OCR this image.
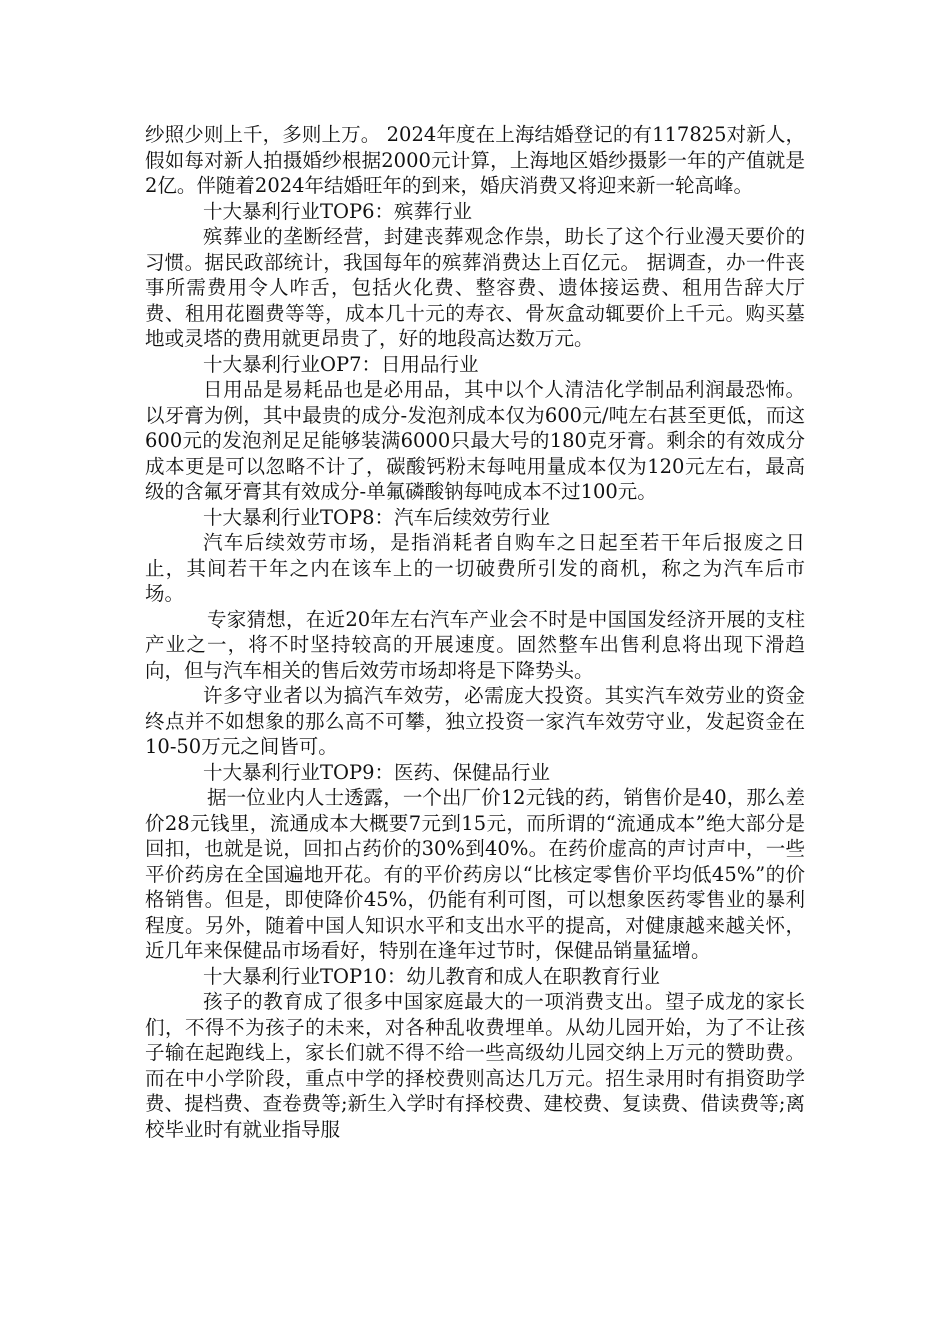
纱照少则上千，多则上万。 2024年度在上海结婚登记的有117825对新人，假如每对新人拍摄婚纱根据2000元计算，上海地区婚纱摄影一年的产值就是2亿。伴随着2024年结婚旺年的到来，婚庆消费又将迎来新一轮高峰。

十大暴利行业TOP6：殡葬行业

殡葬业的垄断经营，封建丧葬观念作祟，助长了这个行业漫天要价的习惯。据民政部统计，我国每年的殡葬消费达上百亿元。 据调查，办一件丧事所需费用令人咋舌，包括火化费、整容费、遗体接运费、租用告辞大厅费、租用花圈费等等，成本几十元的寿衣、骨灰盒动辄要价上千元。购买墓地或灵塔的费用就更昂贵了，好的地段高达数万元。

十大暴利行业OP7：日用品行业

日用品是易耗品也是必用品，其中以个人清洁化学制品利润最恐怖。以牙膏为例，其中最贵的成分-发泡剂成本仅为600元/吨左右甚至更低，而这600元的发泡剂足足能够装满6000只最大号的180克牙膏。剩余的有效成分成本更是可以忽略不计了，碳酸钙粉末每吨用量成本仅为120元左右，最高级的含氟牙膏其有效成分-单氟磷酸钠每吨成本不过100元。

十大暴利行业TOP8：汽车后续效劳行业

汽车后续效劳市场，是指消耗者自购车之日起至若干年后报废之日止，其间若干年之内在该车上的一切破费所引发的商机，称之为汽车后市场。

专家猜想，在近20年左右汽车产业会不时是中国国发经济开展的支柱产业之一，将不时坚持较高的开展速度。固然整车出售利息将出现下滑趋向，但与汽车相关的售后效劳市场却将是下降势头。

许多守业者以为搞汽车效劳，必需庞大投资。其实汽车效劳业的资金终点并不如想象的那么高不可攀，独立投资一家汽车效劳守业，发起资金在10-50万元之间皆可。

十大暴利行业TOP9：医药、保健品行业

据一位业内人士透露，一个出厂价12元钱的药，销售价是40，那么差价28元钱里，流通成本大概要7元到15元，而所谓的“流通成本”绝大部分是回扣，也就是说，回扣占药价的30%到40%。在药价虚高的声讨声中，一些平价药房在全国遍地开花。有的平价药房以“比核定零售价平均低45%”的价格销售。但是，即使降价45%，仍能有利可图，可以想象医药零售业的暴利程度。另外，随着中国人知识水平和支出水平的提高，对健康越来越关怀，近几年来保健品市场看好，特别在逢年过节时，保健品销量猛增。

十大暴利行业TOP10：幼儿教育和成人在职教育行业

孩子的教育成了很多中国家庭最大的一项消费支出。望子成龙的家长们，不得不为孩子的未来，对各种乱收费埋单。从幼儿园开始，为了不让孩子输在起跑线上，家长们就不得不给一些高级幼儿园交纳上万元的赞助费。而在中小学阶段，重点中学的择校费则高达几万元。招生录用时有捐资助学费、提档费、查卷费等;新生入学时有择校费、建校费、复读费、借读费等;离校毕业时有就业指导服
